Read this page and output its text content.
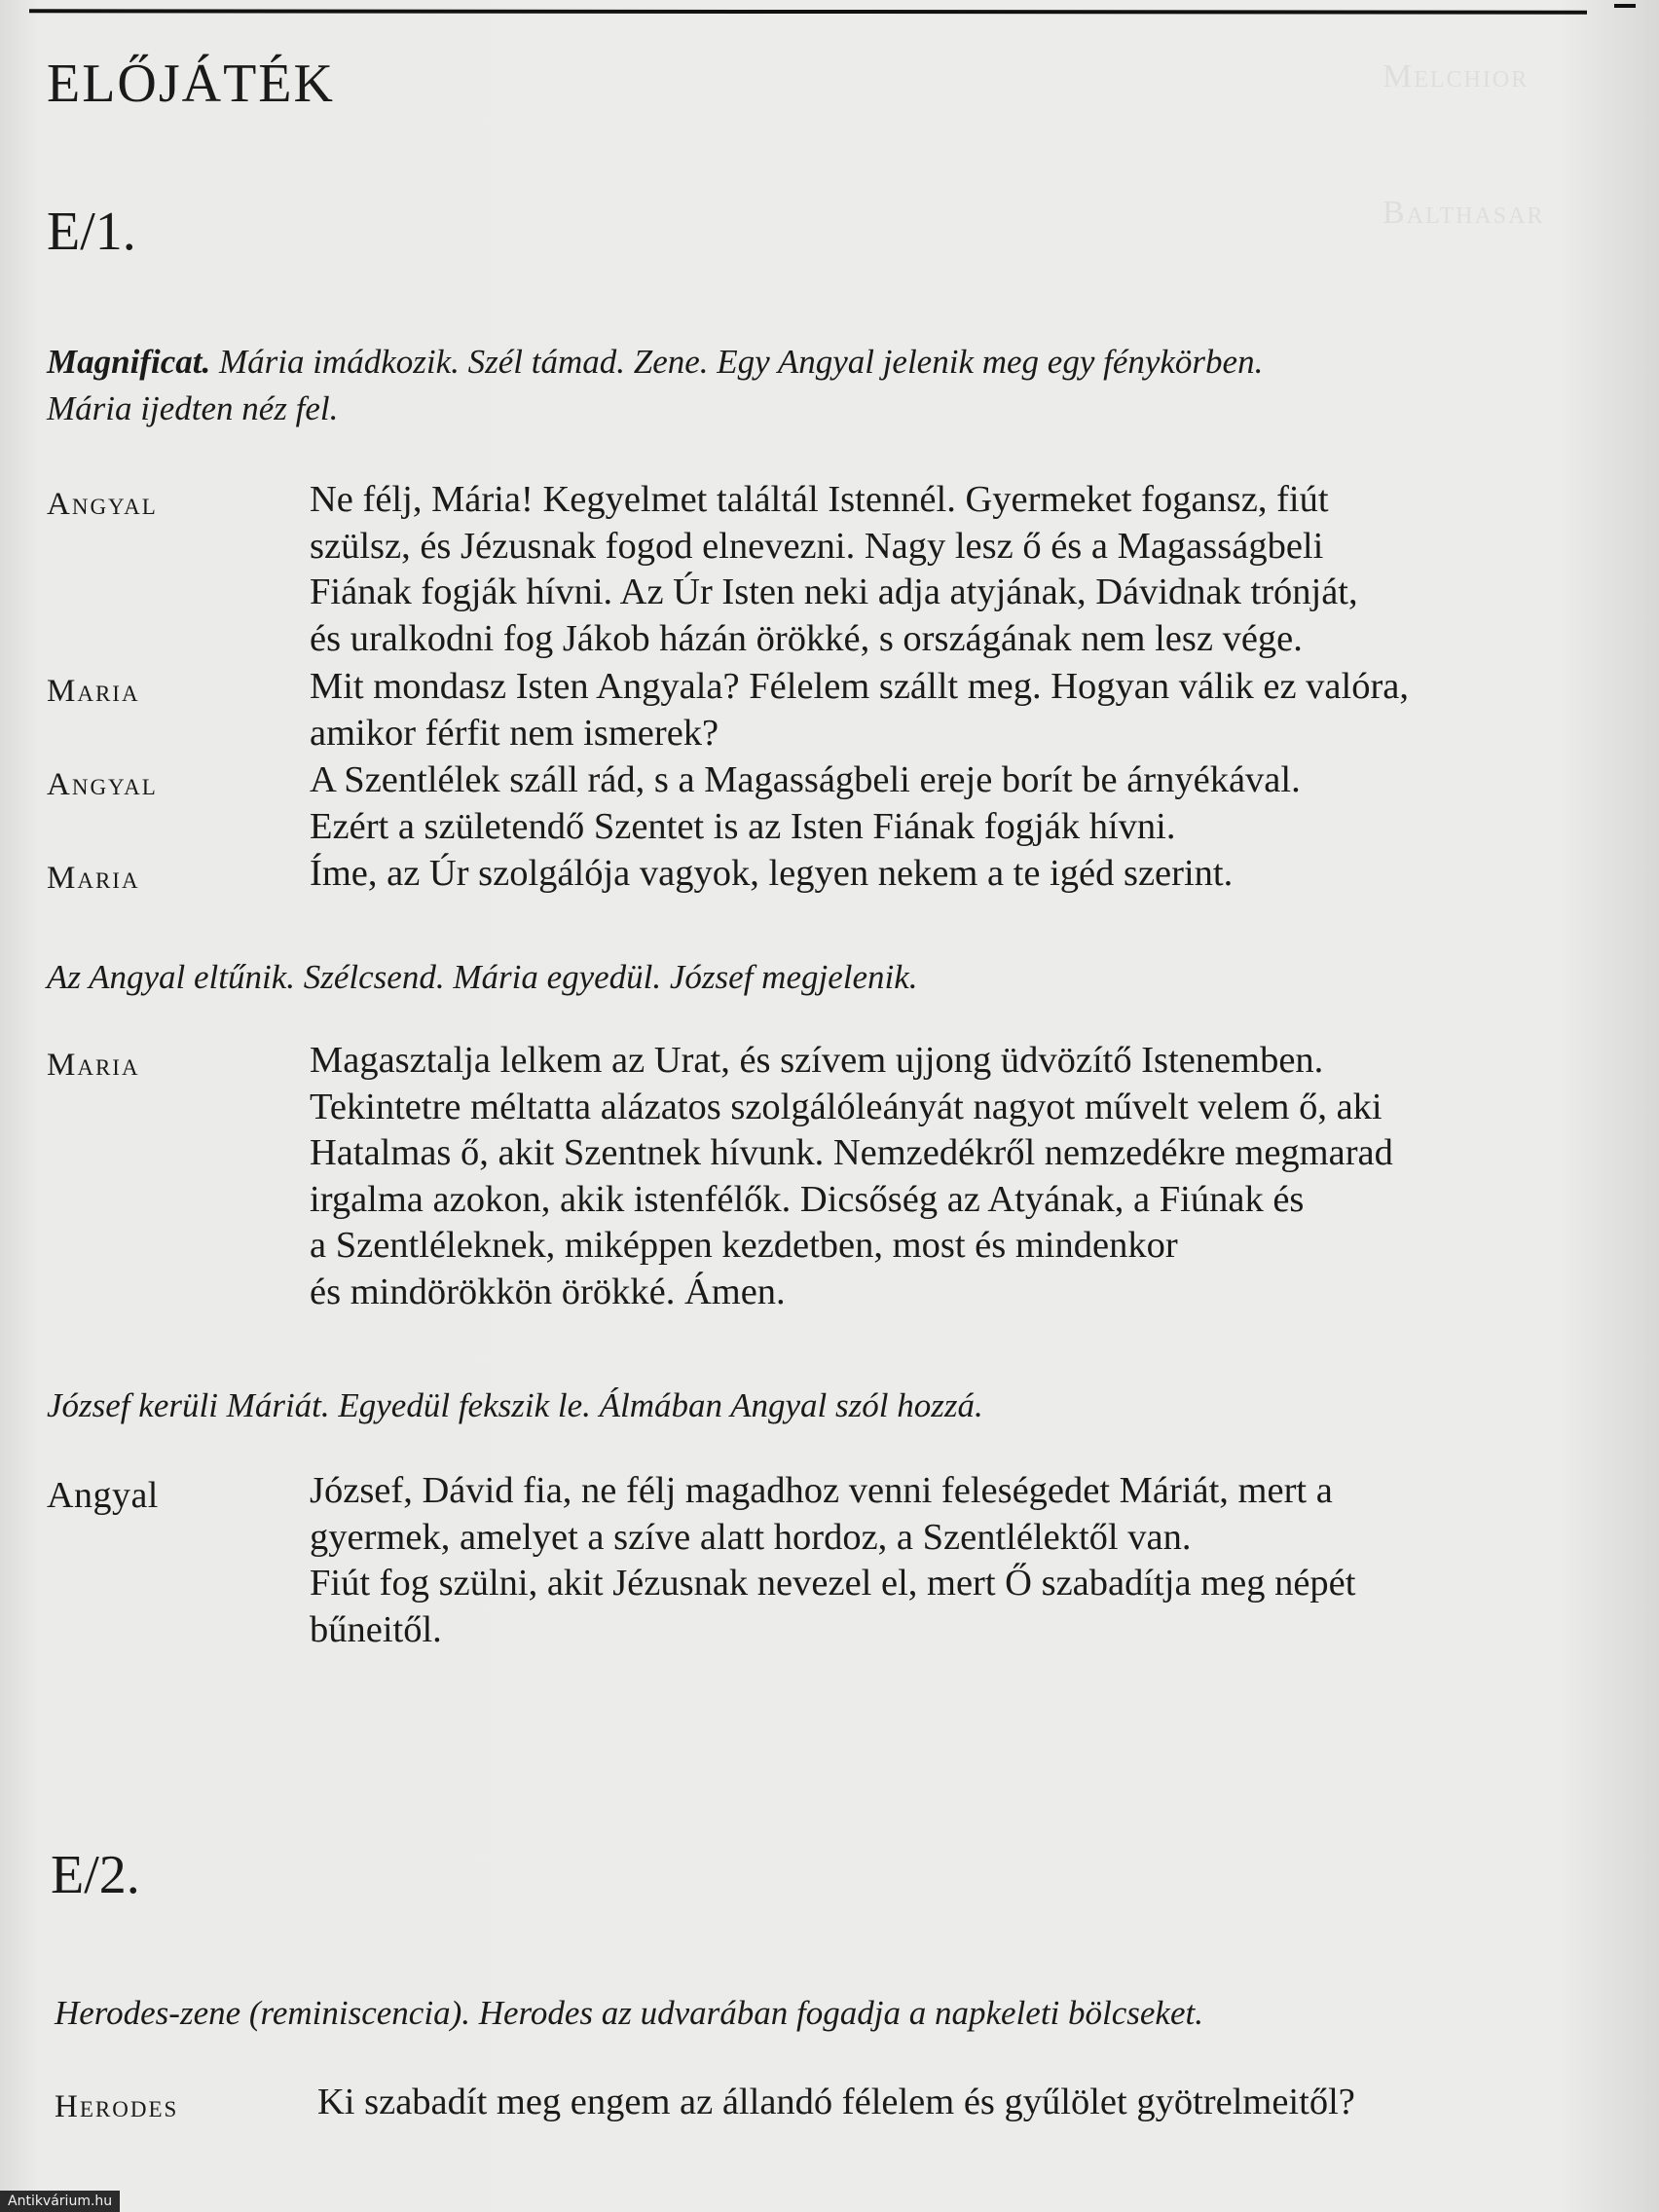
Melchior
Balthasar
ELŐJÁTÉK
E/1.
Magnificat. Mária imádkozik. Szél támad. Zene. Egy Angyal jelenik meg egy fénykörben.
Mária ijedten néz fel.
Angyal	Ne félj, Mária! Kegyelmet találtál Istennél. Gyermeket fogansz, fiút
szülsz, és Jézusnak fogod elnevezni. Nagy lesz ő és a Magasságbeli
Fiának fogják hívni. Az Úr Isten neki adja atyjának, Dávidnak trónját,
és uralkodni fog Jákob házán örökké, s országának nem lesz vége.
Maria	Mit mondasz Isten Angyala? Félelem szállt meg. Hogyan válik ez valóra,
amikor férfit nem ismerek?
Angyal	A Szentlélek száll rád, s a Magasságbeli ereje borít be árnyékával.
Ezért a születendő Szentet is az Isten Fiának fogják hívni.
Maria	Íme, az Úr szolgálója vagyok, legyen nekem a te igéd szerint.
Az Angyal eltűnik. Szélcsend. Mária egyedül. József megjelenik.
Maria	Magasztalja lelkem az Urat, és szívem ujjong üdvözítő Istenemben.
Tekintetre méltatta alázatos szolgálóleányát nagyot művelt velem ő, aki
Hatalmas ő, akit Szentnek hívunk. Nemzedékről nemzedékre megmarad
irgalma azokon, akik istenfélők. Dicsőség az Atyának, a Fiúnak és
a Szentléleknek, miképpen kezdetben, most és mindenkor
és mindörökkön örökké. Ámen.
József kerüli Máriát. Egyedül fekszik le. Álmában Angyal szól hozzá.
Angyal	József, Dávid fia, ne félj magadhoz venni feleségedet Máriát, mert a
gyermek, amelyet a szíve alatt hordoz, a Szentlélektől van.
Fiút fog szülni, akit Jézusnak nevezel el, mert Ő szabadítja meg népét
bűneitől.
E/2.
Herodes-zene (reminiscencia). Herodes az udvarában fogadja a napkeleti bölcseket.
Herodes	Ki szabadít meg engem az állandó félelem és gyűlölet gyötrelmeitől?
Antikvárium.hu
